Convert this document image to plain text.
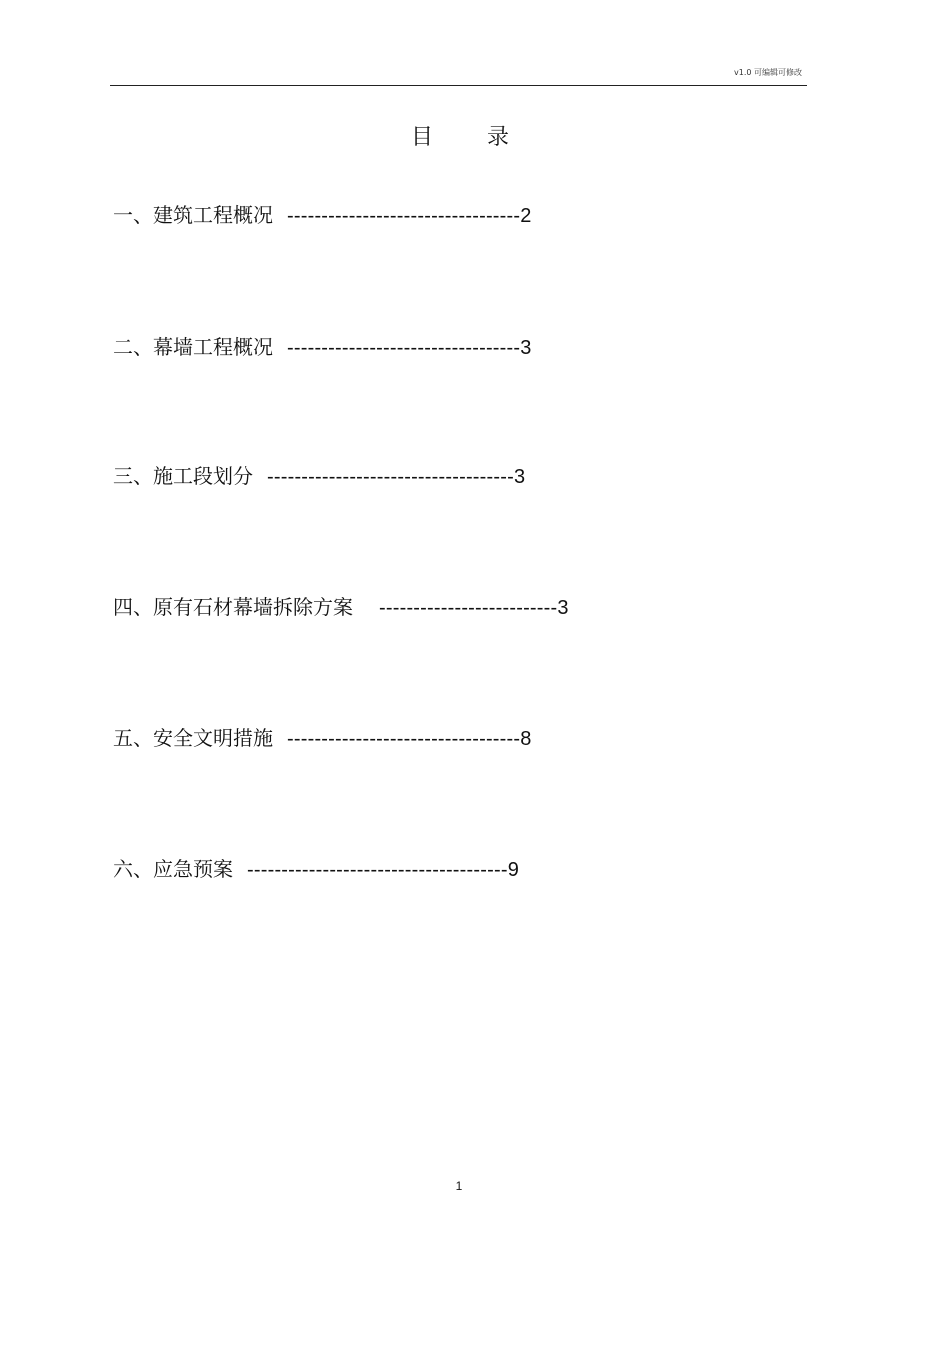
v1.0 可编辑可修改
目录
一、建筑工程概况 ----------------------------------2
二、幕墙工程概况 ----------------------------------3
三、施工段划分 ------------------------------------3
四、原有石材幕墙拆除方案 --------------------------3
五、安全文明措施 ----------------------------------8
六、应急预案 --------------------------------------9
1
